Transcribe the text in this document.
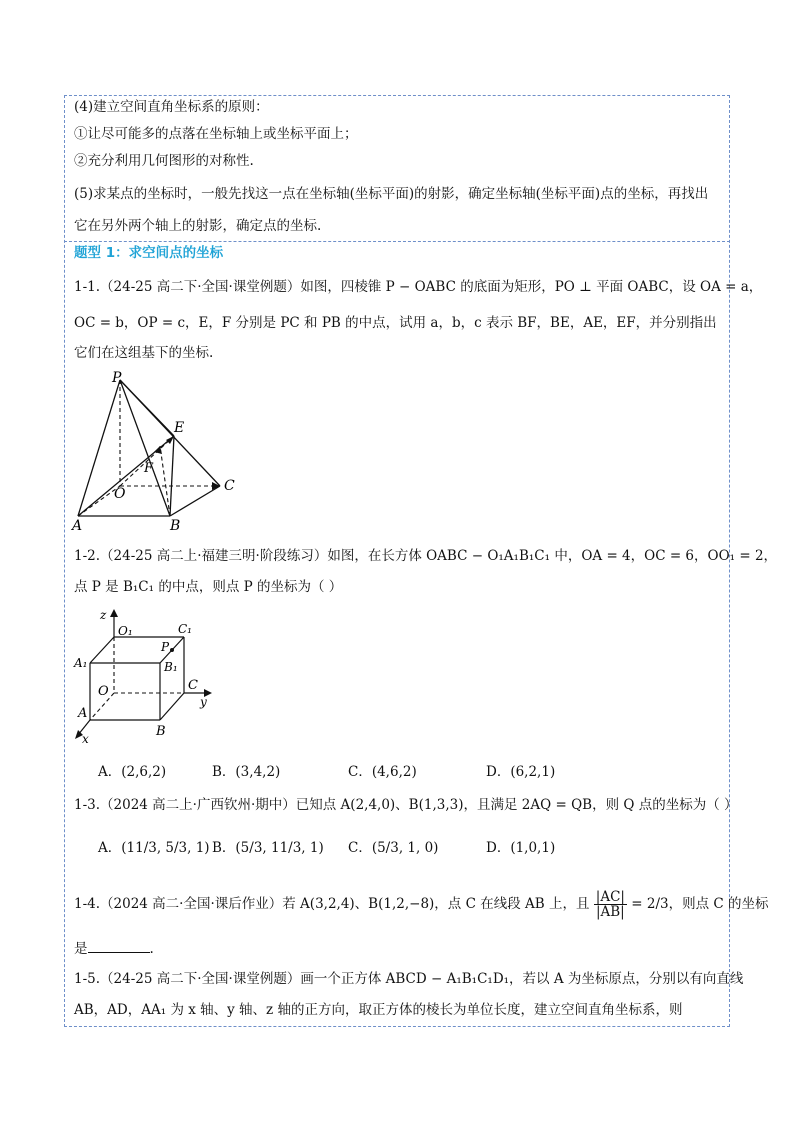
(4)建立空间直角坐标系的原则：
①让尽可能多的点落在坐标轴上或坐标平面上；
②充分利用几何图形的对称性.
(5)求某点的坐标时，一般先找这一点在坐标轴(坐标平面)的射影，确定坐标轴(坐标平面)点的坐标，再找出
它在另外两个轴上的射影，确定点的坐标.
题型 1：求空间点的坐标
1-1.（24-25 高二下·全国·课堂例题）如图，四棱锥 P − OABC 的底面为矩形，PO ⊥ 平面 OABC，设 OA = a，
OC = b，OP = c，E，F 分别是 PC 和 PB 的中点，试用 a，b，c 表示 BF，BE，AE，EF，并分别指出
它们在这组基下的坐标.
P
E
F
O	C
A	B
1-2.（24-25 高二上·福建三明·阶段练习）如图，在长方体 OABC − O₁A₁B₁C₁ 中，OA = 4，OC = 6，OO₁ = 2，
点 P 是 B₁C₁ 的中点，则点 P 的坐标为（ ）
z
O₁	C₁
P
A₁	B₁
O	C
y
A
B
x
A．(2,6,2)	B．(3,4,2)	C．(4,6,2)	D．(6,2,1)
1-3.（2024 高二上·广西钦州·期中）已知点 A(2,4,0)、B(1,3,3)，且满足 2AQ = QB，则 Q 点的坐标为（ ）
A．(11/3, 5/3, 1) B．(5/3, 11/3, 1) C．(5/3, 1, 0)	D．(1,0,1)
1-4.（2024 高二·全国·课后作业）若 A(3,2,4)、B(1,2,−8)，点 C 在线段 AB 上，且 $\frac{|AC|}{|AB|} = 2/3$，则点 C 的坐标
是	.
1-5.（24-25 高二下·全国·课堂例题）画一个正方体 ABCD − A₁B₁C₁D₁，若以 A 为坐标原点，分别以有向直线
AB，AD，AA₁ 为 x 轴、y 轴、z 轴的正方向，取正方体的棱长为单位长度，建立空间直角坐标系，则
